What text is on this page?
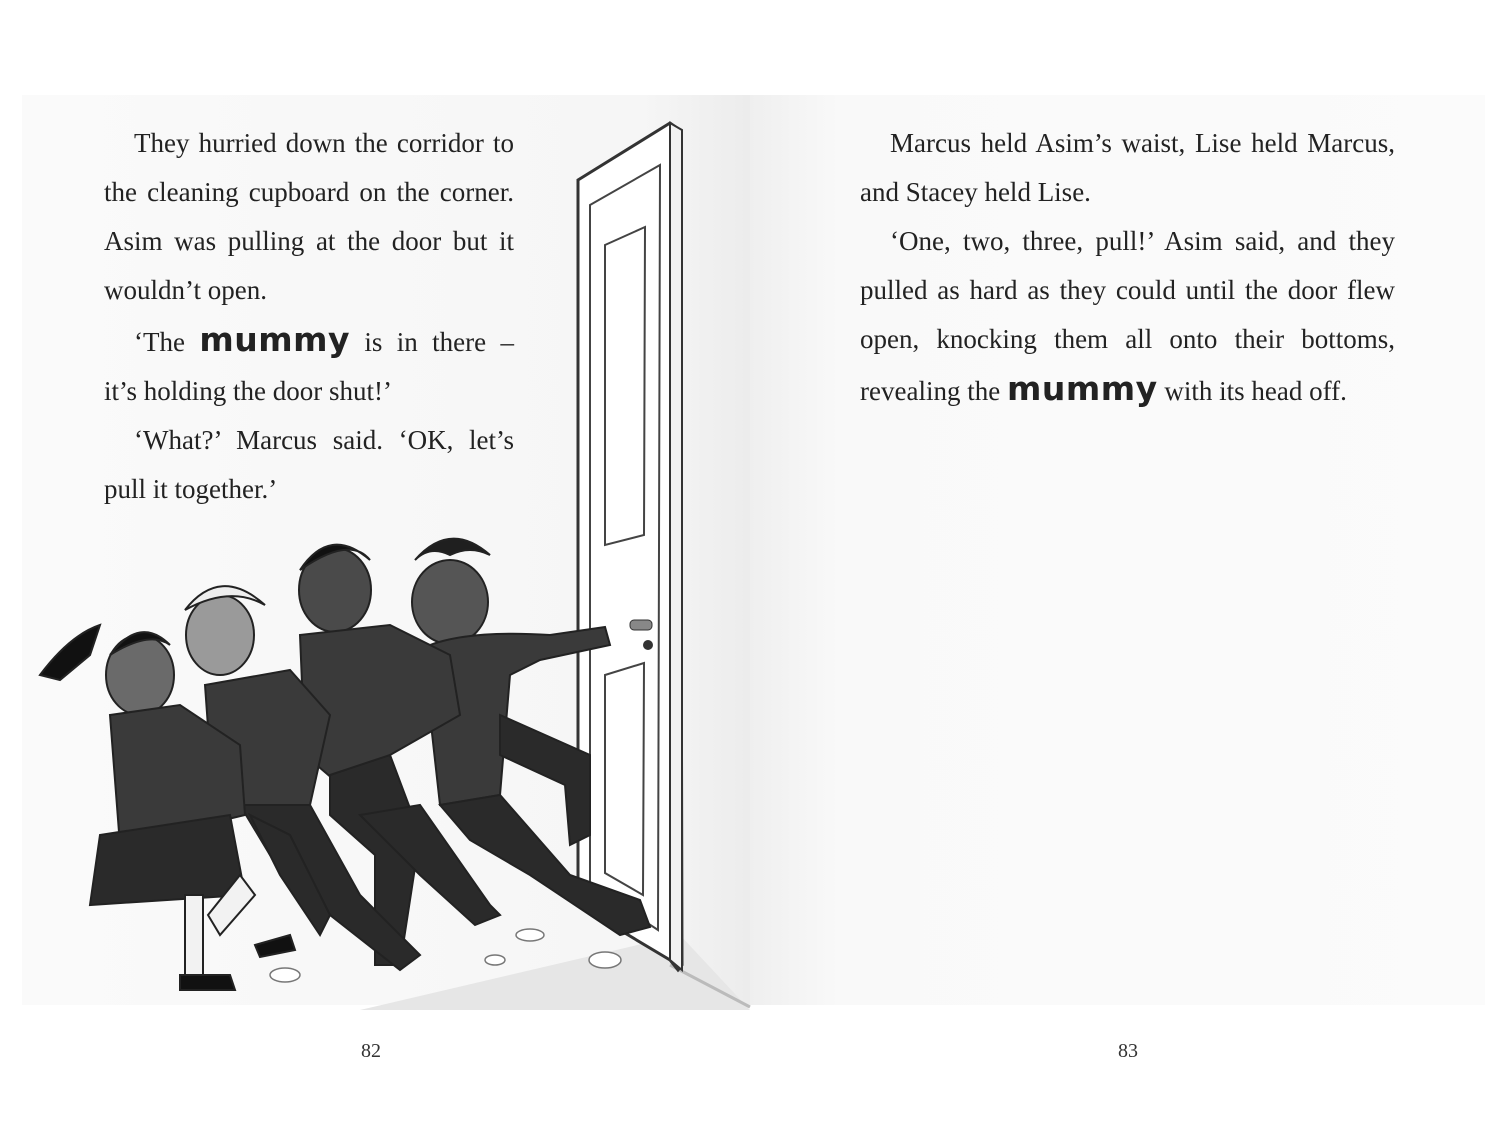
They hurried down the corridor to the cleaning cupboard on the corner. Asim was pulling at the door but it wouldn’t open.

‘The mummy is in there – it’s holding the door shut!’

‘What?’ Marcus said. ‘OK, let’s pull it together.’

82

Marcus held Asim’s waist, Lise held Marcus, and Stacey held Lise.

‘One, two, three, pull!’ Asim said, and they pulled as hard as they could until the door flew open, knocking them all onto their bottoms, revealing the mummy with its head off.

83
